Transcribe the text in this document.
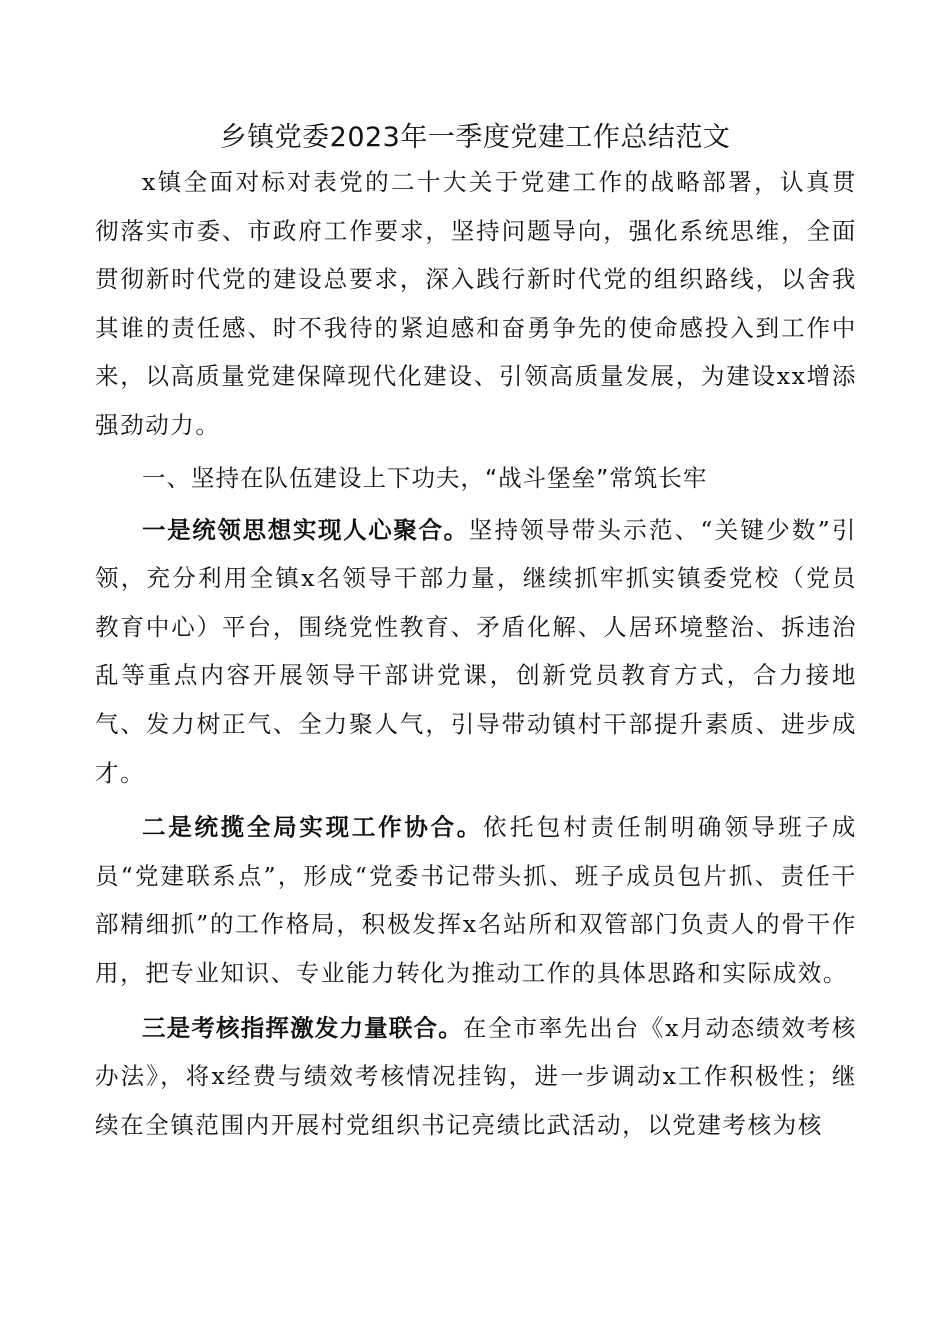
乡镇党委2023年一季度党建工作总结范文

x镇全面对标对表党的二十大关于党建工作的战略部署，认真贯彻落实市委、市政府工作要求，坚持问题导向，强化系统思维，全面贯彻新时代党的建设总要求，深入践行新时代党的组织路线，以舍我其谁的责任感、时不我待的紧迫感和奋勇争先的使命感投入到工作中来，以高质量党建保障现代化建设、引领高质量发展，为建设xx增添强劲动力。

一、坚持在队伍建设上下功夫，“战斗堡垒”常筑长牢

一是统领思想实现人心聚合。坚持领导带头示范、“关键少数”引领，充分利用全镇x名领导干部力量，继续抓牢抓实镇委党校（党员教育中心）平台，围绕党性教育、矛盾化解、人居环境整治、拆违治乱等重点内容开展领导干部讲党课，创新党员教育方式，合力接地气、发力树正气、全力聚人气，引导带动镇村干部提升素质、进步成才。

二是统揽全局实现工作协合。依托包村责任制明确领导班子成员“党建联系点”，形成“党委书记带头抓、班子成员包片抓、责任干部精细抓”的工作格局，积极发挥x名站所和双管部门负责人的骨干作用，把专业知识、专业能力转化为推动工作的具体思路和实际成效。

三是考核指挥激发力量联合。在全市率先出台《x月动态绩效考核办法》，将x经费与绩效考核情况挂钩，进一步调动x工作积极性；继续在全镇范围内开展村党组织书记亮绩比武活动，以党建考核为核
